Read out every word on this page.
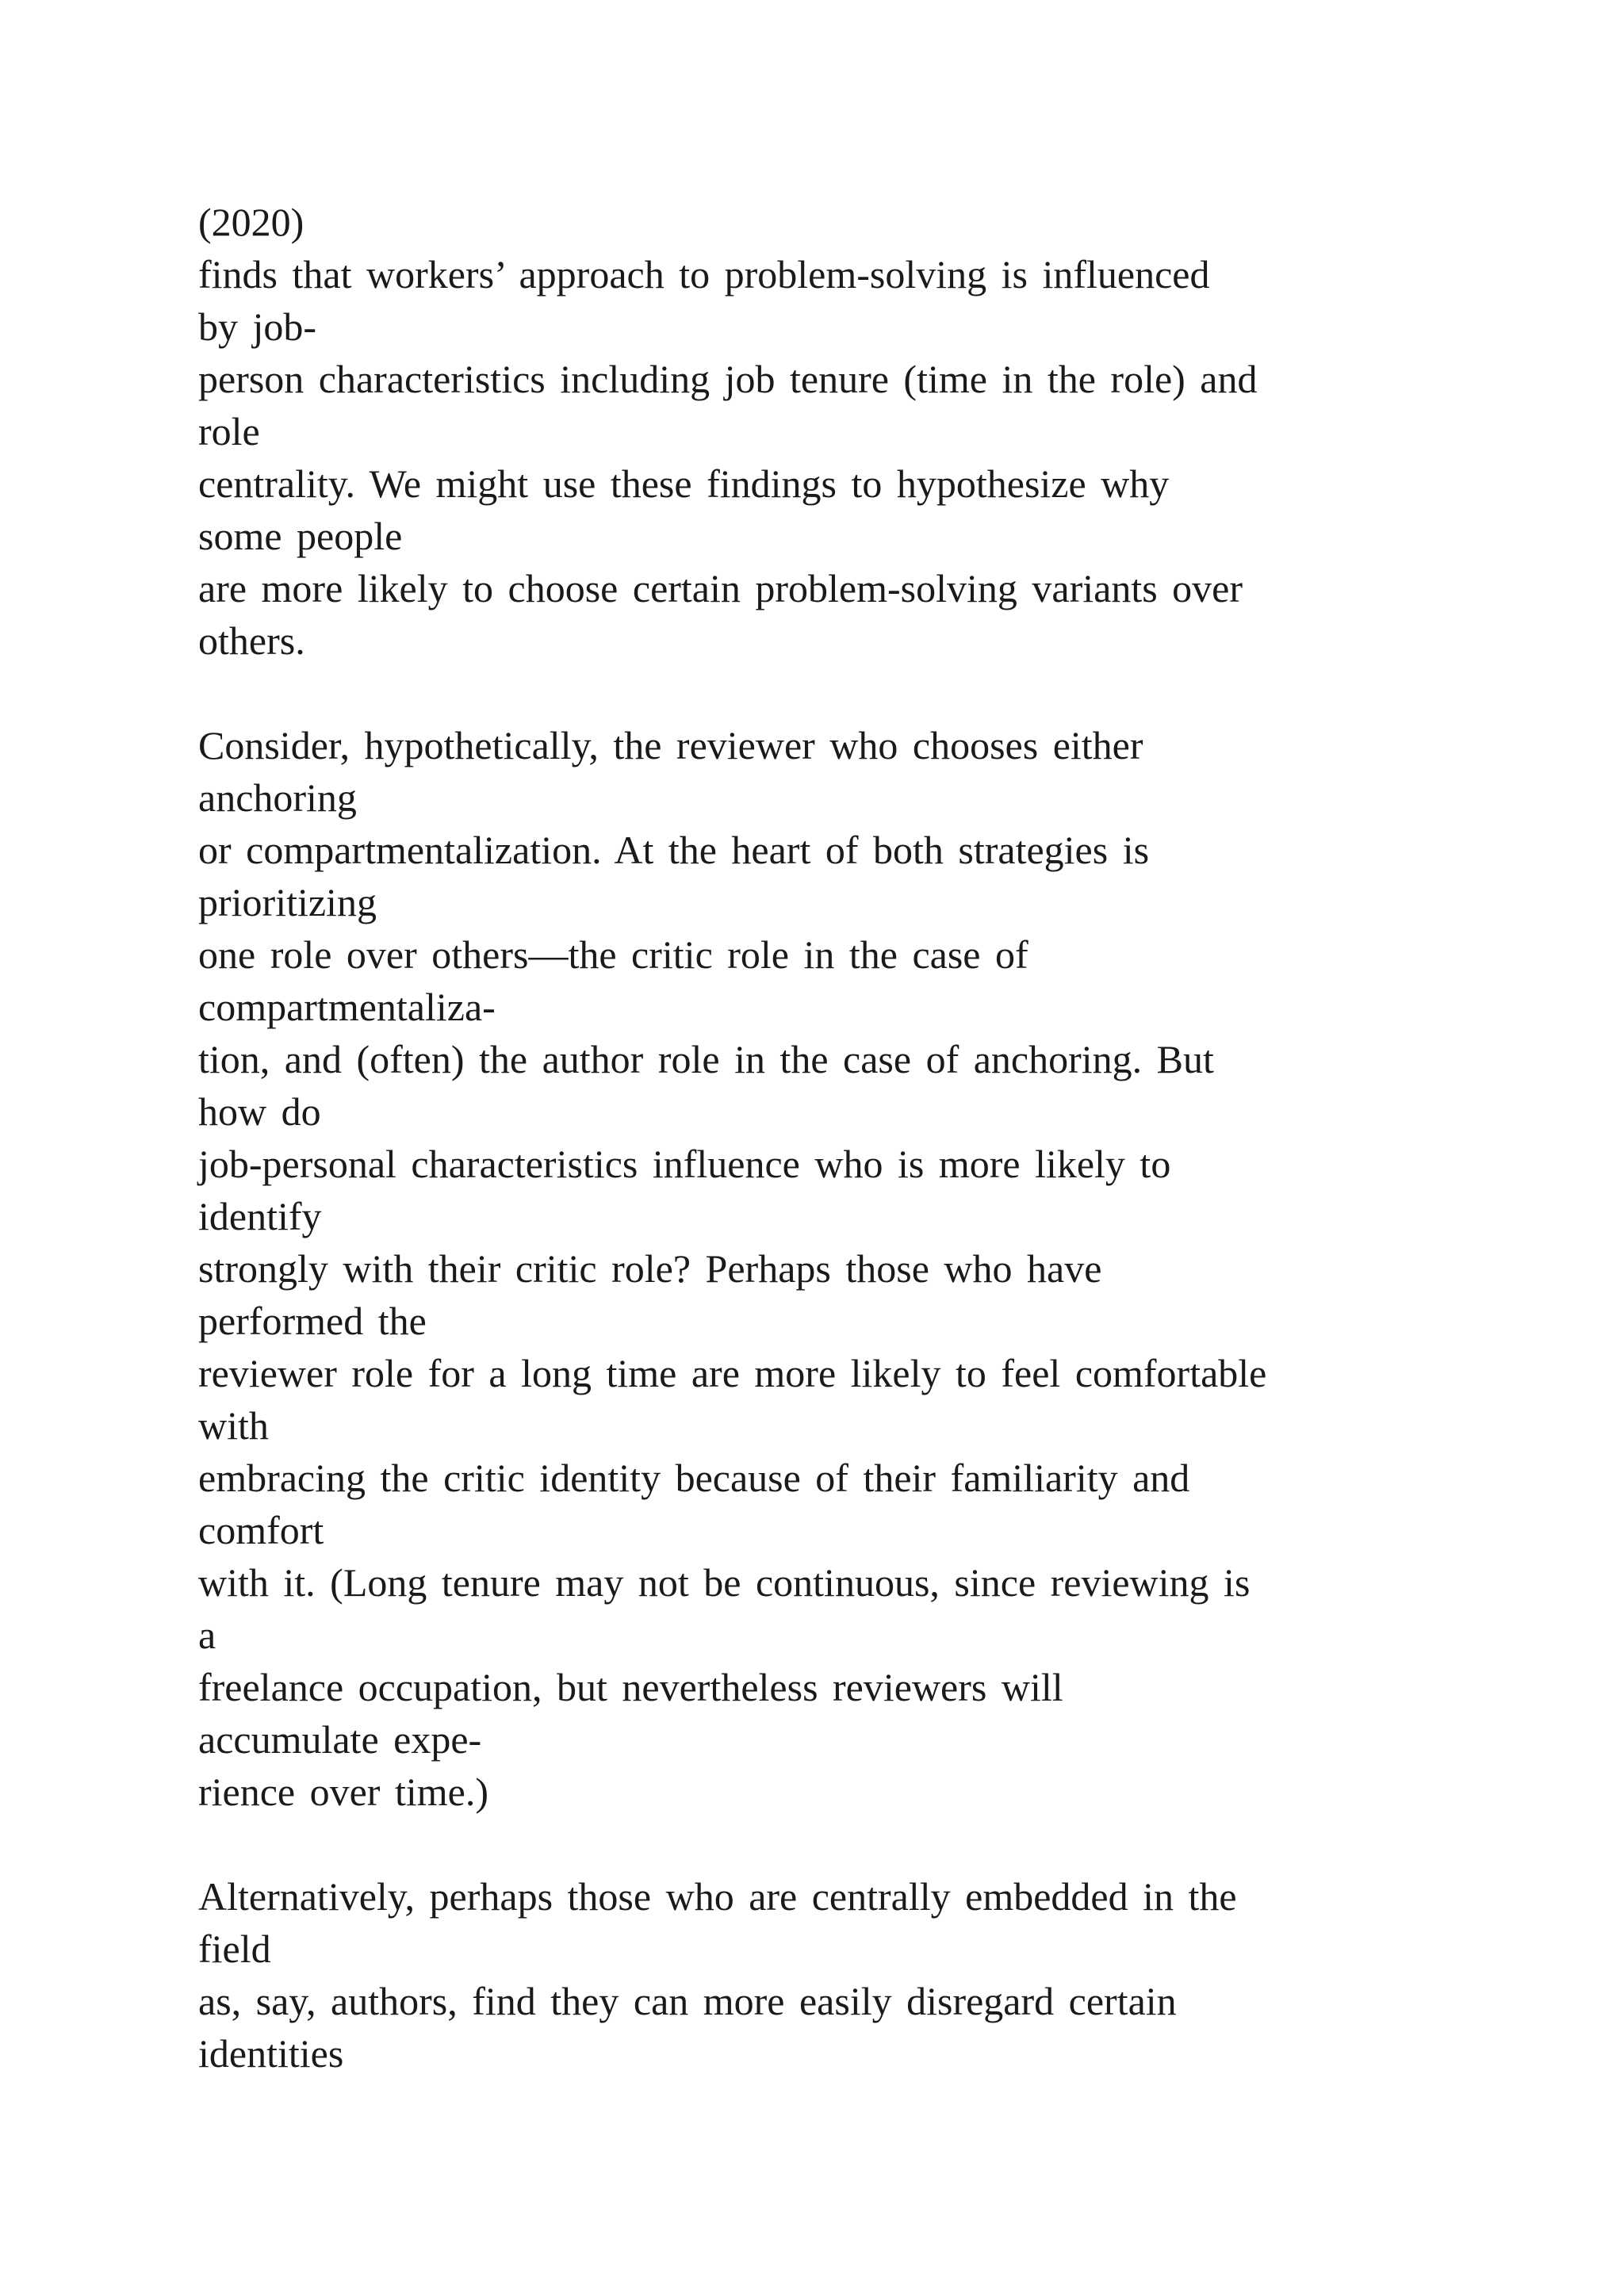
(2020)
finds that workers’ approach to problem-solving is influenced
by job-
person characteristics including job tenure (time in the role) and
role
centrality. We might use these findings to hypothesize why
some people
are more likely to choose certain problem-solving variants over
others.
Consider, hypothetically, the reviewer who chooses either
anchoring
or compartmentalization. At the heart of both strategies is
prioritizing
one role over others—the critic role in the case of
compartmentaliza-
tion, and (often) the author role in the case of anchoring. But
how do
job-personal characteristics influence who is more likely to
identify
strongly with their critic role? Perhaps those who have
performed the
reviewer role for a long time are more likely to feel comfortable
with
embracing the critic identity because of their familiarity and
comfort
with it. (Long tenure may not be continuous, since reviewing is
a
freelance occupation, but nevertheless reviewers will
accumulate expe-
rience over time.)
Alternatively, perhaps those who are centrally embedded in the
field
as, say, authors, find they can more easily disregard certain
identities
